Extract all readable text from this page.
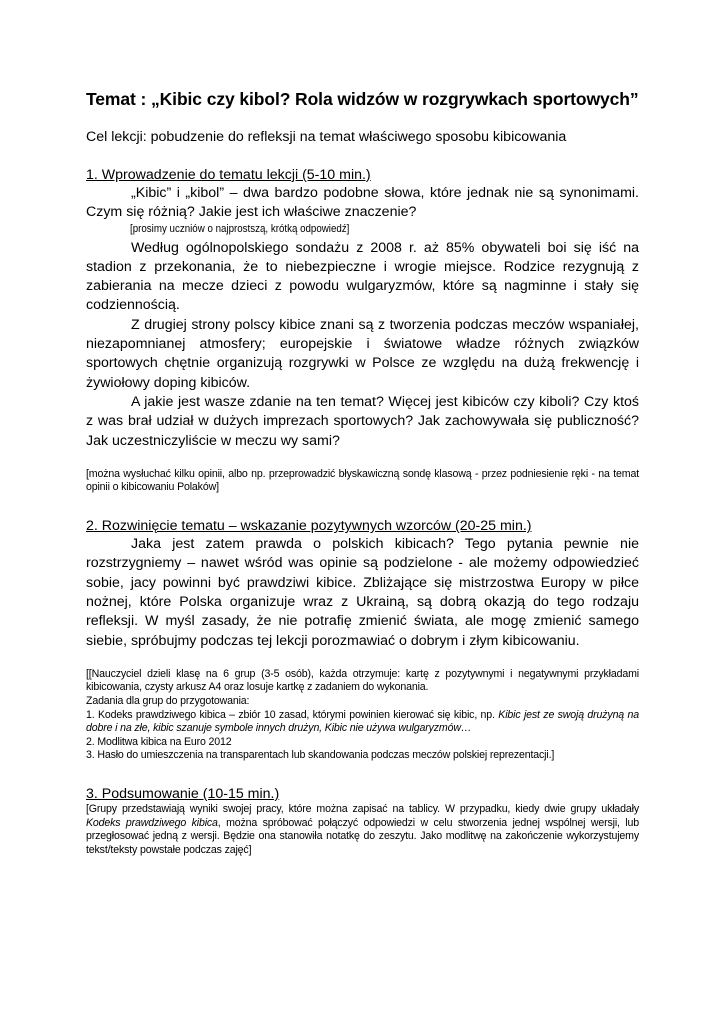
Temat : „Kibic czy kibol? Rola widzów w rozgrywkach sportowych”

Cel lekcji: pobudzenie do refleksji na temat właściwego sposobu kibicowania

1. Wprowadzenie do tematu lekcji (5-10 min.)

„Kibic” i „kibol” – dwa bardzo podobne słowa, które jednak nie są synonimami. Czym się różnią? Jakie jest ich właściwe znaczenie?

[prosimy uczniów o najprostszą, krótką odpowiedź]

Według ogólnopolskiego sondażu z 2008 r. aż 85% obywateli boi się iść na stadion z przekonania, że to niebezpieczne i wrogie miejsce. Rodzice rezygnują z zabierania na mecze dzieci z powodu wulgaryzmów, które są nagminne i stały się codziennością.

Z drugiej strony polscy kibice znani są z tworzenia podczas meczów wspaniałej, niezapomnianej atmosfery; europejskie i światowe władze różnych związków sportowych chętnie organizują rozgrywki w Polsce ze względu na dużą frekwencję i żywiołowy doping kibiców.

A jakie jest wasze zdanie na ten temat? Więcej jest kibiców czy kiboli? Czy ktoś z was brał udział w dużych imprezach sportowych? Jak zachowywała się publiczność? Jak uczestniczyliście w meczu wy sami?

[można wysłuchać kilku opinii, albo np. przeprowadzić błyskawiczną sondę klasową - przez podniesienie ręki - na temat opinii o kibicowaniu Polaków]

2. Rozwinięcie tematu – wskazanie pozytywnych wzorców (20-25 min.)

Jaka jest zatem prawda o polskich kibicach? Tego pytania pewnie nie rozstrzygniemy – nawet wśród was opinie są podzielone - ale możemy odpowiedzieć sobie, jacy powinni być prawdziwi kibice. Zbliżające się mistrzostwa Europy w piłce nożnej, które Polska organizuje wraz z Ukrainą, są dobrą okazją do tego rodzaju refleksji. W myśl zasady, że nie potrafię zmienić świata, ale mogę zmienić samego siebie, spróbujmy podczas tej lekcji porozmawiać o dobrym i złym kibicowaniu.

[[Nauczyciel dzieli klasę na 6 grup (3-5 osób), każda otrzymuje: kartę z pozytywnymi i negatywnymi przykładami kibicowania, czysty arkusz A4 oraz losuje kartkę z zadaniem do wykonania.

Zadania dla grup do przygotowania:

1. Kodeks prawdziwego kibica – zbiór 10 zasad, którymi powinien kierować się kibic, np. Kibic jest ze swoją drużyną na dobre i na złe, kibic szanuje symbole innych drużyn, Kibic nie używa wulgaryzmów…

2. Modlitwa kibica na Euro 2012

3. Hasło do umieszczenia na transparentach lub skandowania podczas meczów polskiej reprezentacji.]

3. Podsumowanie (10-15 min.)

[Grupy przedstawiają wyniki swojej pracy, które można zapisać na tablicy. W przypadku, kiedy dwie grupy układały Kodeks prawdziwego kibica, można spróbować połączyć odpowiedzi w celu stworzenia jednej wspólnej wersji, lub przegłosować jedną z wersji. Będzie ona stanowiła notatkę do zeszytu. Jako modlitwę na zakończenie wykorzystujemy tekst/teksty powstałe podczas zajęć]
